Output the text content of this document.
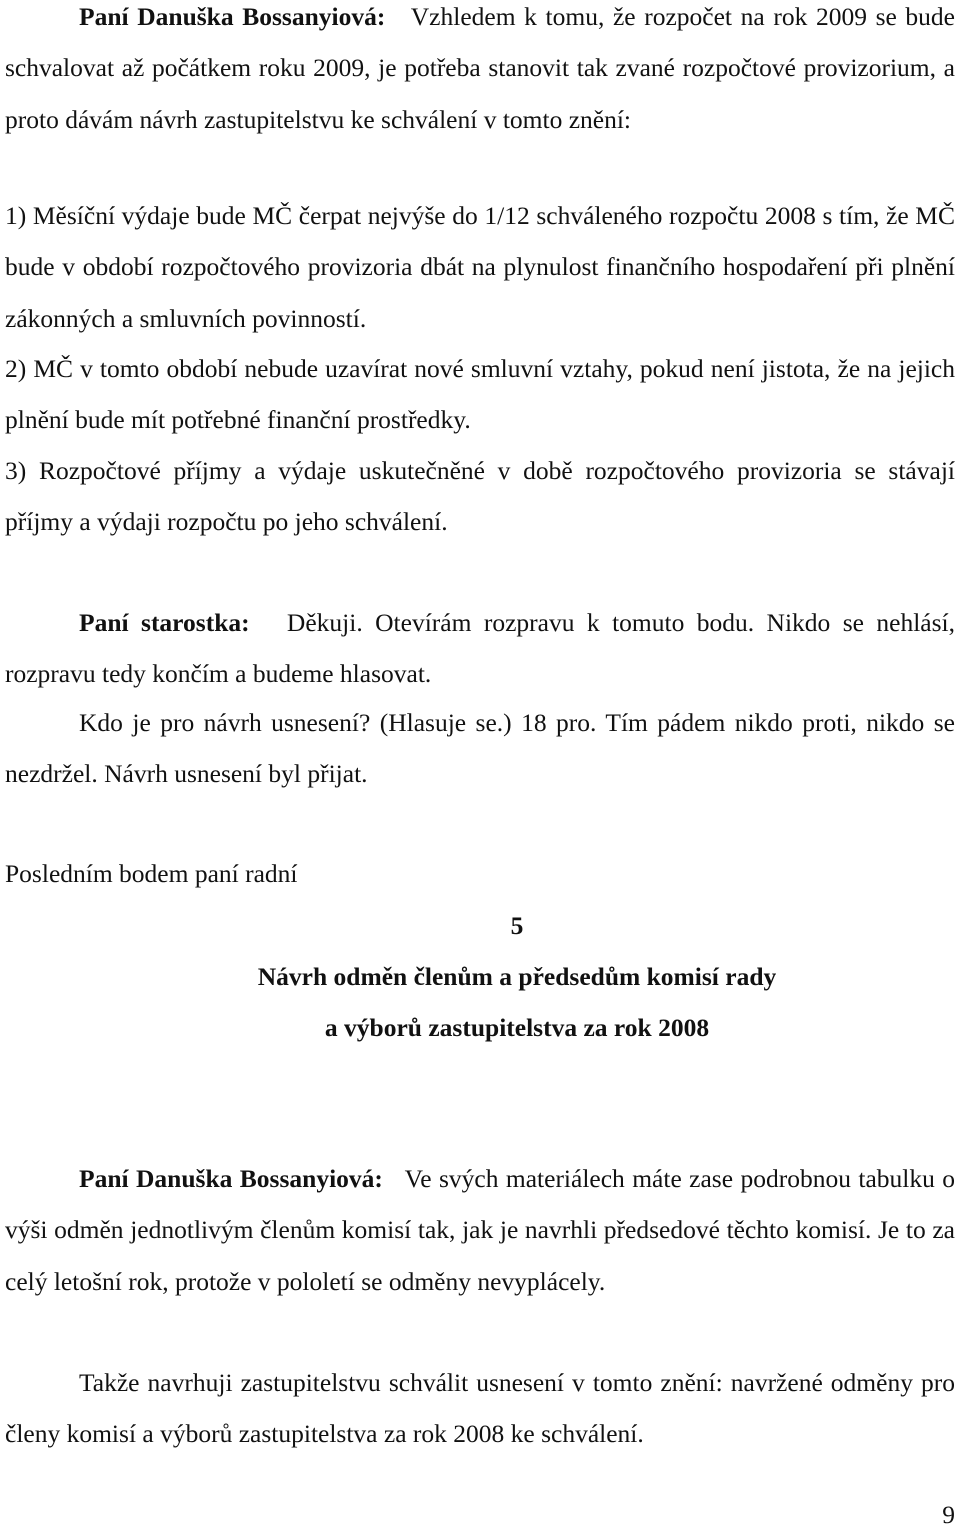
Paní Danuška Bossanyiová: Vzhledem k tomu, že rozpočet na rok 2009 se bude schvalovat až počátkem roku 2009, je potřeba stanovit tak zvané rozpočtové provizorium, a proto dávám návrh zastupitelstvu ke schválení v tomto znění:

1) Měsíční výdaje bude MČ čerpat nejvýše do 1/12 schváleného rozpočtu 2008 s tím, že MČ bude v období rozpočtového provizoria dbát na plynulost finančního hospodaření při plnění zákonných a smluvních povinností.

2) MČ v tomto období nebude uzavírat nové smluvní vztahy, pokud není jistota, že na jejich plnění bude mít potřebné finanční prostředky.

3) Rozpočtové příjmy a výdaje uskutečněné v době rozpočtového provizoria se stávají příjmy a výdaji rozpočtu po jeho schválení.

Paní starostka: Děkuji. Otevírám rozpravu k tomuto bodu. Nikdo se nehlásí, rozpravu tedy končím a budeme hlasovat.

Kdo je pro návrh usnesení? (Hlasuje se.) 18 pro. Tím pádem nikdo proti, nikdo se nezdržel. Návrh usnesení byl přijat.

Posledním bodem paní radní

5

Návrh odměn členům a předsedům komisí rady

a výborů zastupitelstva za rok 2008

Paní Danuška Bossanyiová: Ve svých materiálech máte zase podrobnou tabulku o výši odměn jednotlivým členům komisí tak, jak je navrhli předsedové těchto komisí. Je to za celý letošní rok, protože v pololetí se odměny nevyplácely.

Takže navrhuji zastupitelstvu schválit usnesení v tomto znění: navržené odměny pro členy komisí a výborů zastupitelstva za rok 2008 ke schválení.

9
